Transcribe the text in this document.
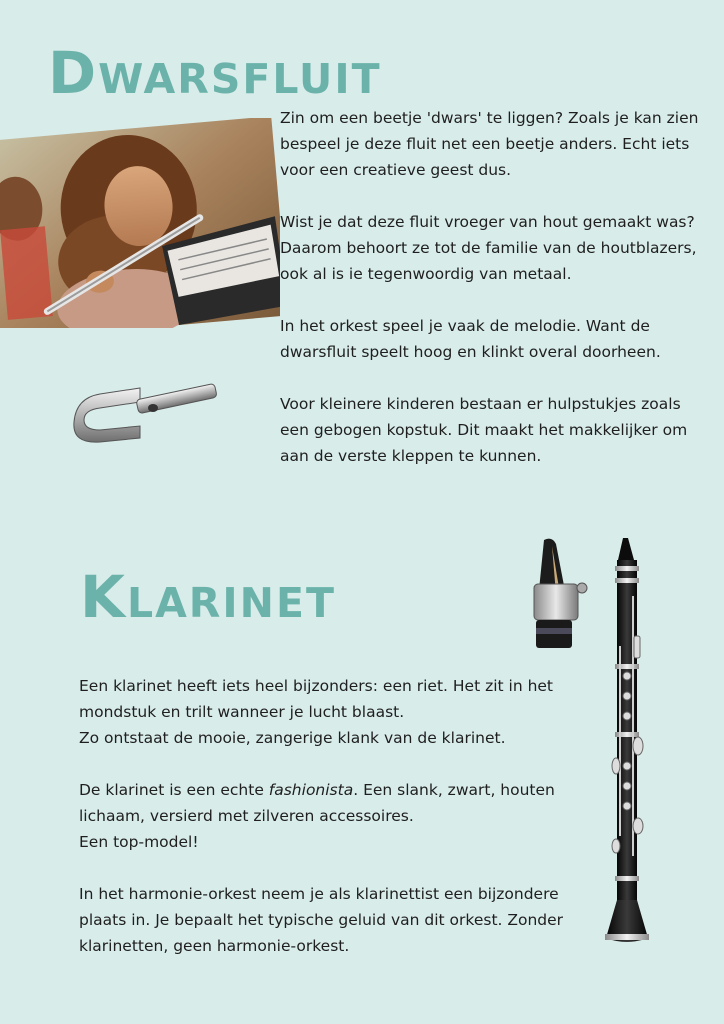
Dwarsfluit

Zin om een beetje 'dwars' te liggen? Zoals je kan zien bespeel je deze fluit net een beetje anders. Echt iets voor een creatieve geest dus.

Wist je dat deze fluit vroeger van hout gemaakt was? Daarom behoort ze tot de familie van de houtblazers, ook al is ie tegenwoordig van metaal.

In het orkest speel je vaak de melodie. Want de dwarsfluit speelt hoog en klinkt overal doorheen.

Voor kleinere kinderen bestaan er hulpstukjes zoals een gebogen kopstuk. Dit maakt het makkelijker om aan de verste kleppen te kunnen.

Klarinet

Een klarinet heeft iets heel bijzonders: een riet. Het zit in het mondstuk en trilt wanneer je lucht blaast.
Zo ontstaat de mooie, zangerige klank van de klarinet.

De klarinet is een echte fashionista. Een slank, zwart, houten lichaam, versierd met zilveren accessoires.
Een top-model!

In het harmonie-orkest neem je als klarinettist een bijzondere plaats in. Je bepaalt het typische geluid van dit orkest. Zonder klarinetten, geen harmonie-orkest.
